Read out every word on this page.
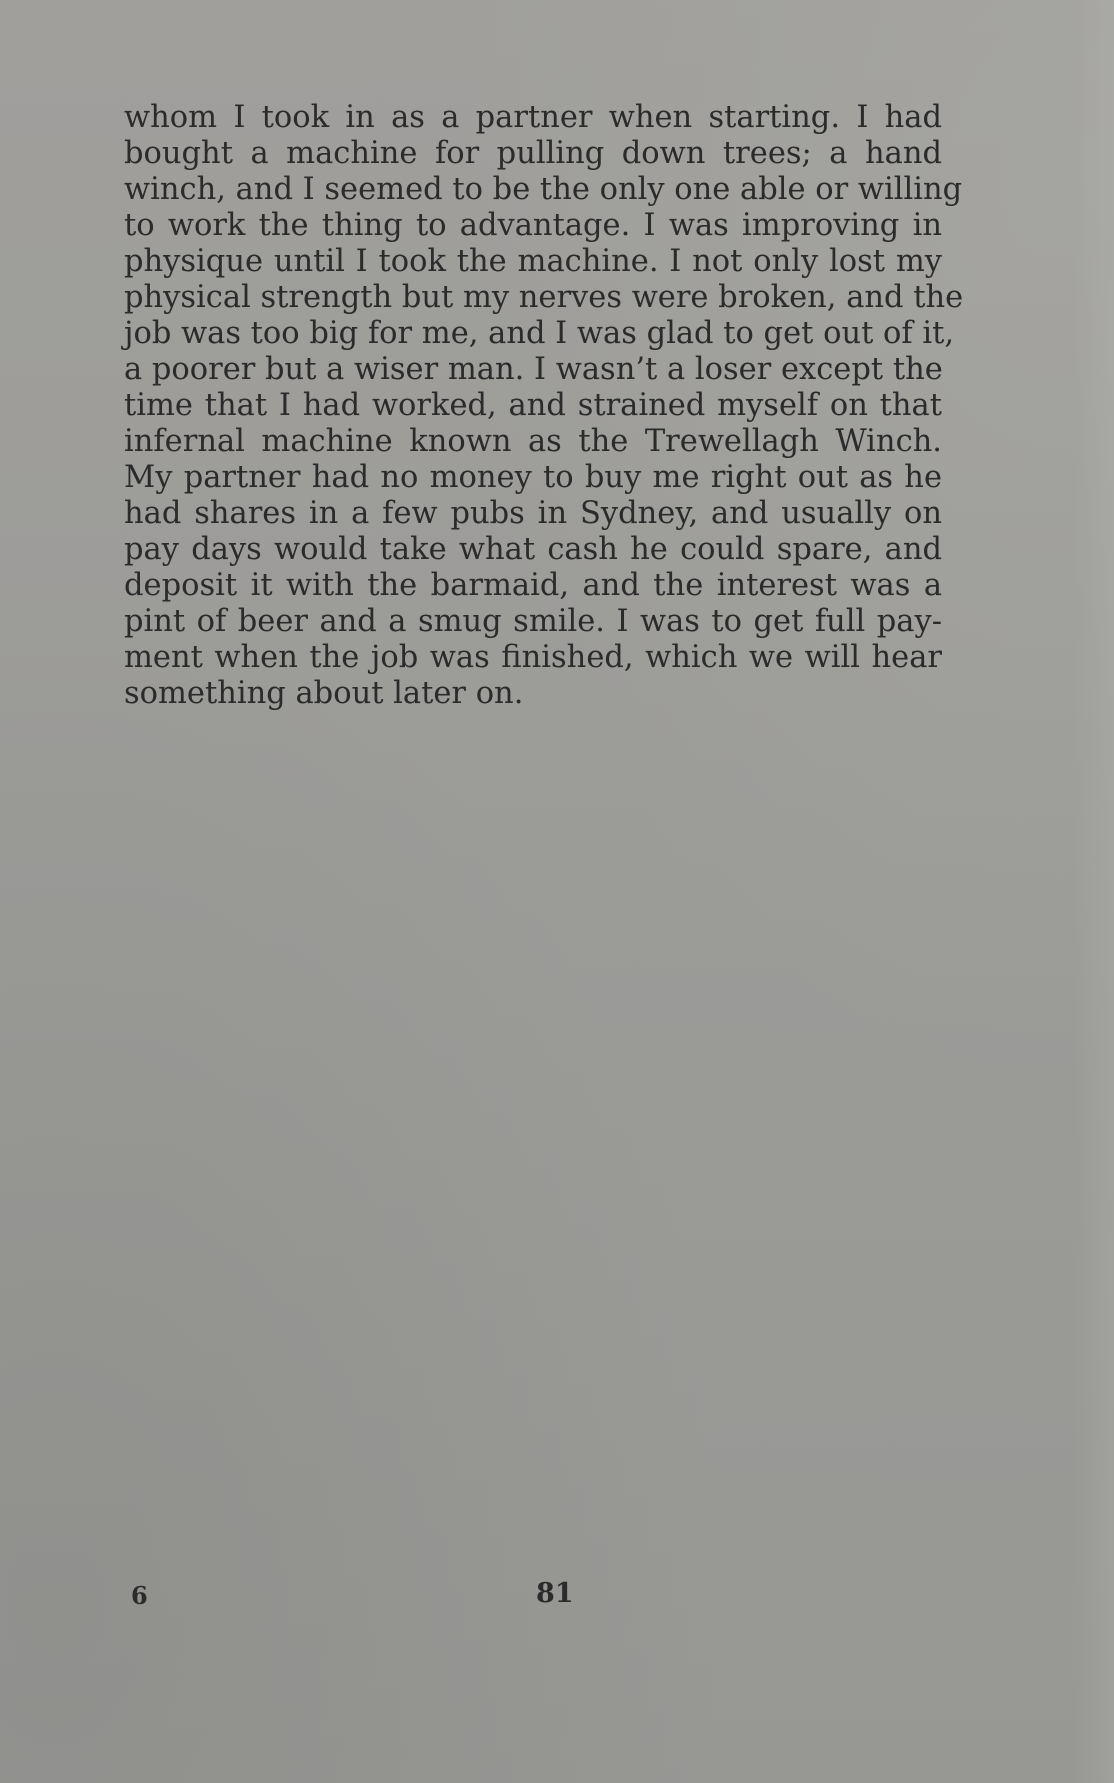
whom I took in as a partner when starting. I had
bought a machine for pulling down trees; a hand
winch, and I seemed to be the only one able or willing
to work the thing to advantage. I was improving in
physique until I took the machine. I not only lost my
physical strength but my nerves were broken, and the
job was too big for me, and I was glad to get out of it,
a poorer but a wiser man. I wasn’t a loser except the
time that I had worked, and strained myself on that
infernal machine known as the Trewellagh Winch.
My partner had no money to buy me right out as he
had shares in a few pubs in Sydney, and usually on
pay days would take what cash he could spare, and
deposit it with the barmaid, and the interest was a
pint of beer and a smug smile. I was to get full pay-
ment when the job was finished, which we will hear
something about later on.
6	81
